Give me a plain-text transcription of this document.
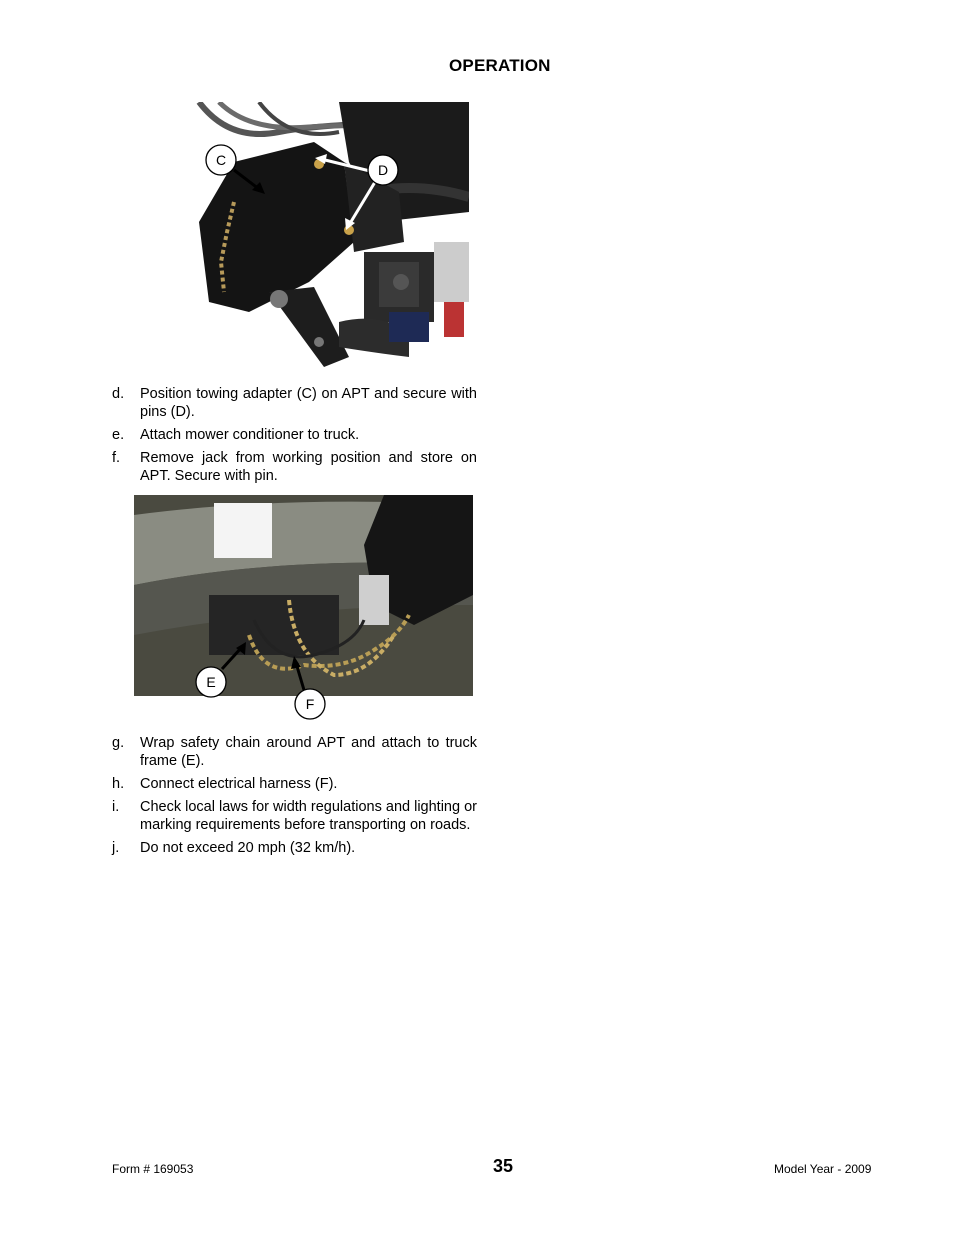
OPERATION
C
D
d. Position towing adapter (C) on APT and secure with pins (D).
e. Attach mower conditioner to truck.
f. Remove jack from working position and store on APT. Secure with pin.
E
F
g. Wrap safety chain around APT and attach to truck frame (E).
h. Connect electrical harness (F).
i. Check local laws for width regulations and lighting or marking requirements before transporting on roads.
j. Do not exceed 20 mph (32 km/h).
Form # 169053	35	Model Year - 2009
